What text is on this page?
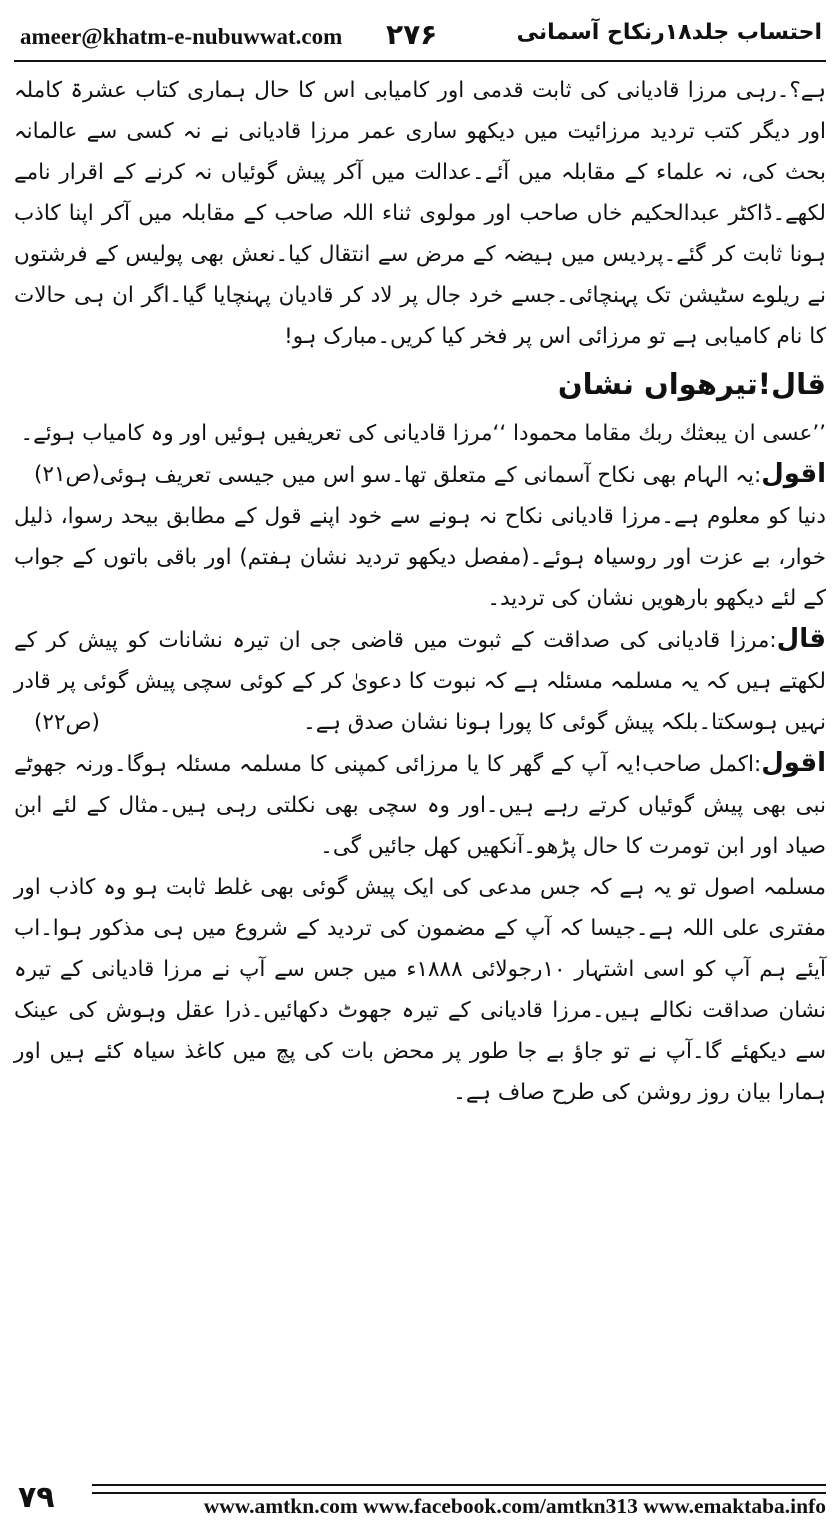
ameer@khatm-e-nubuwwat.com ۲۷۶	احتساب جلد۱۸رنکاح آسمانی

ہے؟۔رہی مرزا قادیانی کی ثابت قدمی اور کامیابی اس کا حال ہماری کتاب عشرۃ کاملہ اور دیگر کتب تردید مرزائیت میں دیکھو ساری عمر مرزا قادیانی نے نہ کسی سے عالمانہ بحث کی، نہ علماء کے مقابلہ میں آئے۔عدالت میں آکر پیش گوئیاں نہ کرنے کے اقرار نامے لکھے۔ڈاکٹر عبدالحکیم خاں صاحب اور مولوی ثناء اللہ صاحب کے مقابلہ میں آکر اپنا کاذب ہونا ثابت کر گئے۔پردیس میں ہیضہ کے مرض سے انتقال کیا۔نعش بھی پولیس کے فرشتوں نے ریلوے سٹیشن تک پہنچائی۔جسے خرد جال پر لاد کر قادیان پہنچایا گیا۔اگر ان ہی حالات کا نام کامیابی ہے تو مرزائی اس پر فخر کیا کریں۔مبارک ہو!

قال!تیرھواں نشان

’’عسى ان يبعثك ربك مقاما محمودا ‘‘مرزا قادیانی کی تعریفیں ہوئیں اور وہ کامیاب ہوئے۔
(ص۲۱)	اقول:یہ الہام بھی نکاح آسمانی کے متعلق تھا۔سو اس میں جیسی تعریف ہوئی دنیا کو معلوم ہے۔مرزا قادیانی نکاح نہ ہونے سے خود اپنے قول کے مطابق بیحد رسوا، ذلیل خوار، بے عزت اور روسیاہ ہوئے۔(مفصل دیکھو تردید نشان ہفتم) اور باقی باتوں کے جواب کے لئے دیکھو بارھویں نشان کی تردید۔

قال:مرزا قادیانی کی صداقت کے ثبوت میں قاضی جی ان تیرہ نشانات کو پیش کر کے لکھتے ہیں کہ یہ مسلمہ مسئلہ ہے کہ نبوت کا دعویٰ کر کے کوئی سچی پیش گوئی پر قادر نہیں ہوسکتا۔بلکہ پیش گوئی کا پورا ہونا نشان صدق ہے۔
(ص۲۲)

اقول:اکمل صاحب!یہ آپ کے گھر کا یا مرزائی کمپنی کا مسلمہ مسئلہ ہوگا۔ورنہ جھوٹے نبی بھی پیش گوئیاں کرتے رہے ہیں۔اور وہ سچی بھی نکلتی رہی ہیں۔مثال کے لئے ابن صیاد اور ابن تومرت کا حال پڑھو۔آنکھیں کھل جائیں گی۔

مسلمہ اصول تو یہ ہے کہ جس مدعی کی ایک پیش گوئی بھی غلط ثابت ہو وہ کاذب اور مفتری علی اللہ ہے۔جیسا کہ آپ کے مضمون کی تردید کے شروع میں ہی مذکور ہوا۔اب آیئے ہم آپ کو اسی اشتہار ۱۰رجولائی ۱۸۸۸ء میں جس سے آپ نے مرزا قادیانی کے تیرہ نشان صداقت نکالے ہیں۔مرزا قادیانی کے تیرہ جھوٹ دکھائیں۔ذرا عقل وہوش کی عینک سے دیکھئے گا۔آپ نے تو جاؤ بے جا طور پر محض بات کی پچ میں کاغذ سیاہ کئے ہیں اور ہمارا بیان روز روشن کی طرح صاف ہے۔

۷۹	www.amtkn.com www.facebook.com/amtkn313 www.emaktaba.info
